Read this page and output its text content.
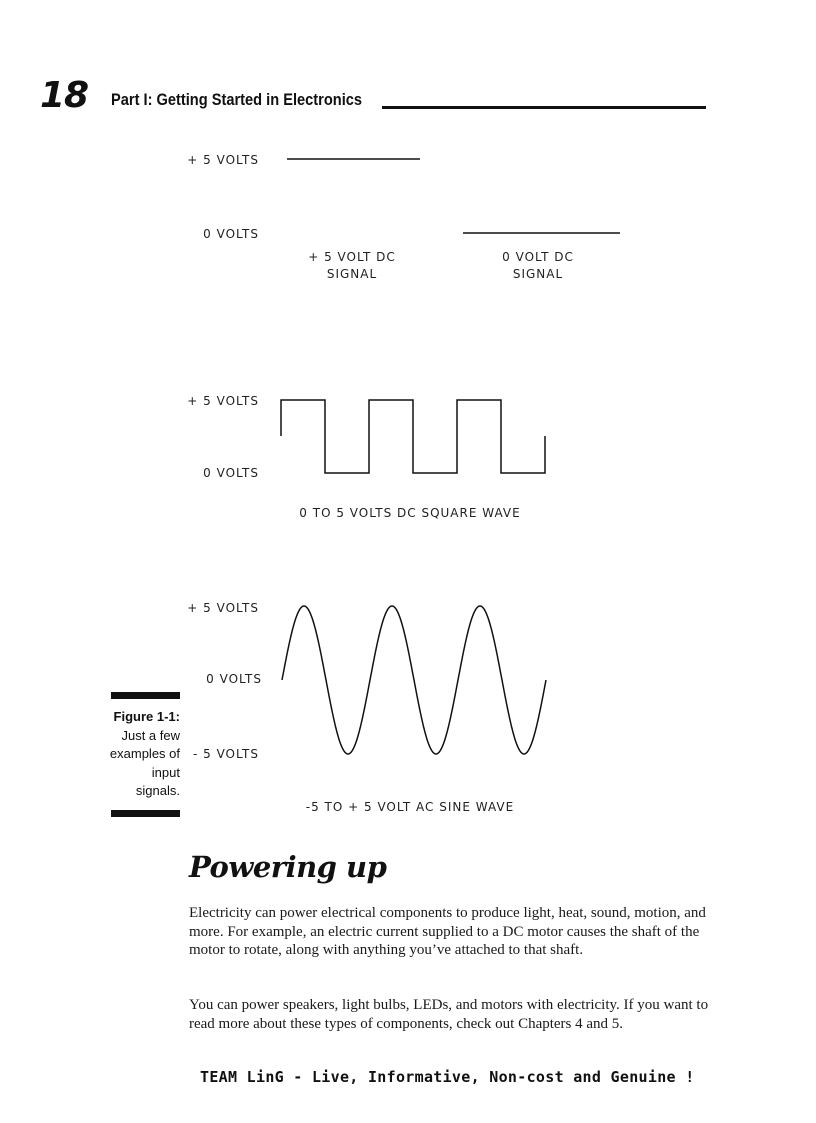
18 Part I: Getting Started in Electronics
+ 5 VOLTS
0 VOLTS
+ 5 VOLT DC
SIGNAL
0 VOLT DC
SIGNAL
+ 5 VOLTS
0 VOLTS
0 TO 5 VOLTS DC SQUARE WAVE
+ 5 VOLTS
0 VOLTS
- 5 VOLTS
-5 TO + 5 VOLT AC SINE WAVE
Figure 1-1:
Just a few
examples of
input
signals.
Powering up

Electricity can power electrical components to produce light, heat, sound, motion, and more. For example, an electric current supplied to a DC motor causes the shaft of the motor to rotate, along with anything you’ve attached to that shaft.

You can power speakers, light bulbs, LEDs, and motors with electricity. If you want to read more about these types of components, check out Chapters 4 and 5.

TEAM LinG - Live, Informative, Non-cost and Genuine !
